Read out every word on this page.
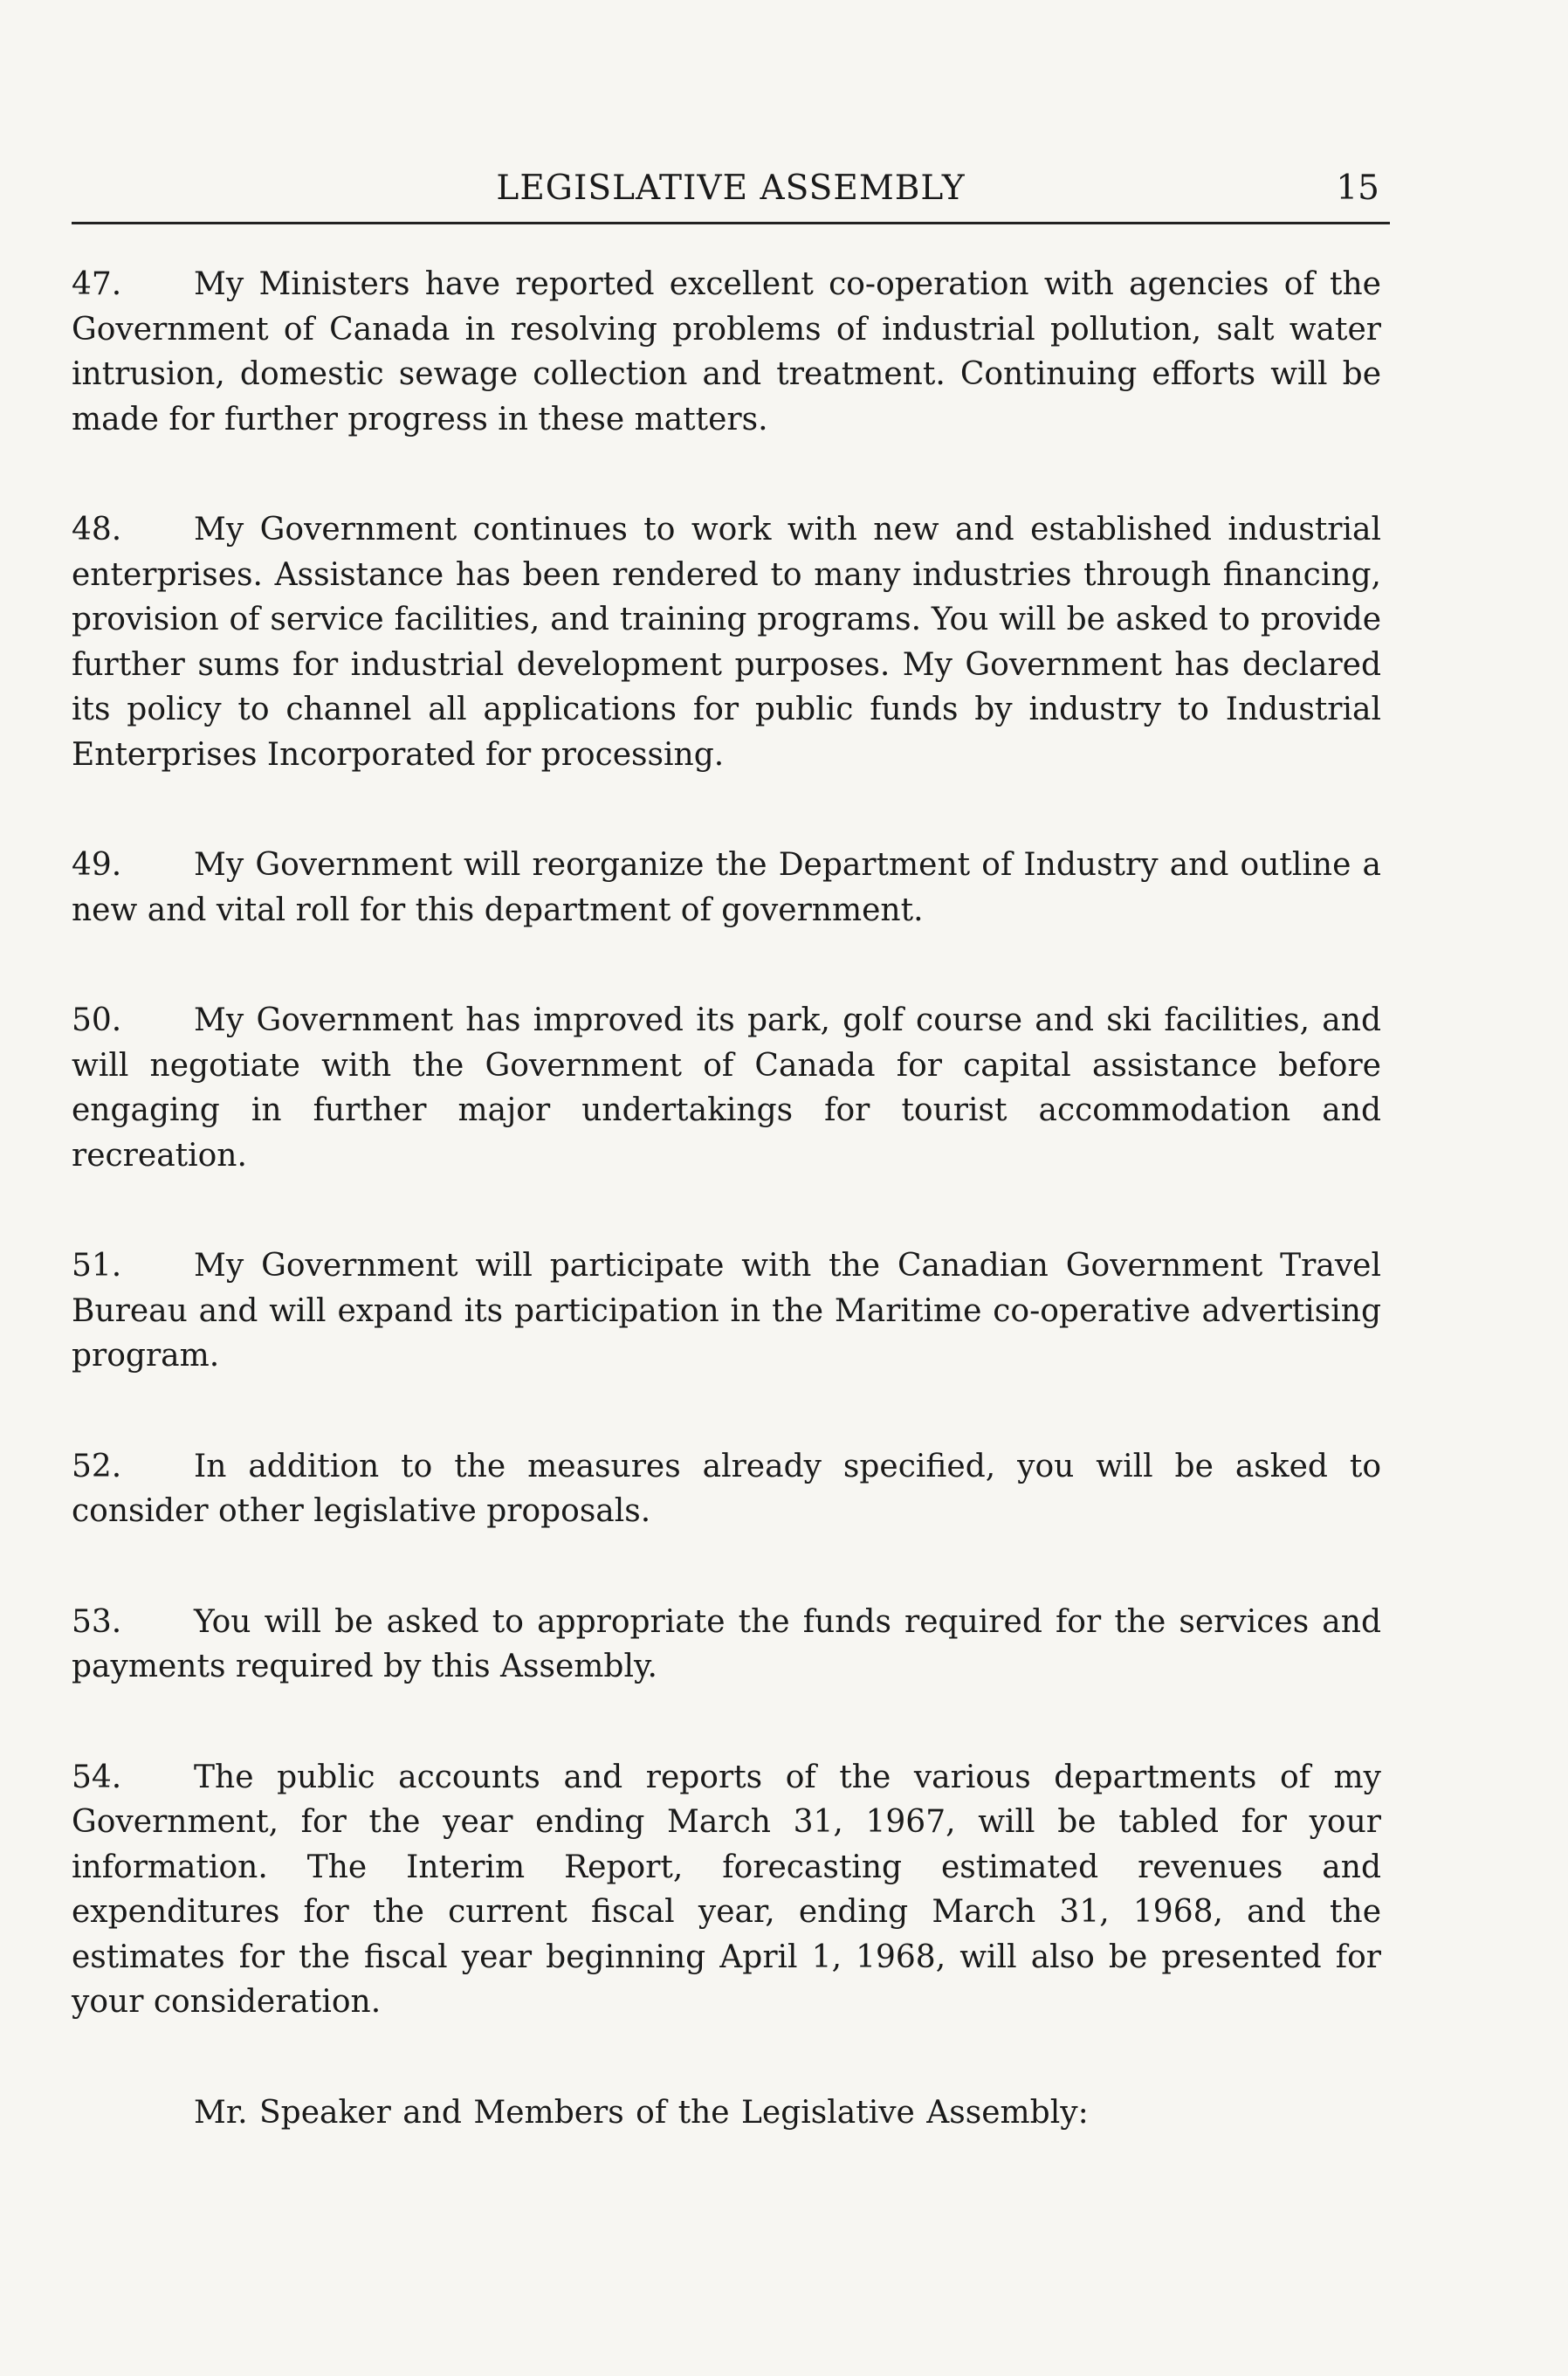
LEGISLATIVE ASSEMBLY	15

47. My Ministers have reported excellent co-operation with agencies of the Government of Canada in resolving problems of industrial pollution, salt water intrusion, domestic sewage collection and treatment. Continuing efforts will be made for further progress in these matters.

48. My Government continues to work with new and established industrial enterprises. Assistance has been rendered to many industries through financing, provision of service facilities, and training programs. You will be asked to provide further sums for industrial development purposes. My Government has declared its policy to channel all applications for public funds by industry to Industrial Enterprises Incorporated for processing.

49. My Government will reorganize the Department of Industry and outline a new and vital roll for this department of government.

50. My Government has improved its park, golf course and ski facilities, and will negotiate with the Government of Canada for capital assistance before engaging in further major undertakings for tourist accommodation and recreation.

51. My Government will participate with the Canadian Government Travel Bureau and will expand its participation in the Maritime co-operative advertising program.

52. In addition to the measures already specified, you will be asked to consider other legislative proposals.

53. You will be asked to appropriate the funds required for the services and payments required by this Assembly.

54. The public accounts and reports of the various departments of my Government, for the year ending March 31, 1967, will be tabled for your information. The Interim Report, forecasting estimated revenues and expenditures for the current fiscal year, ending March 31, 1968, and the estimates for the fiscal year beginning April 1, 1968, will also be presented for your consideration.

Mr. Speaker and Members of the Legislative Assembly:
